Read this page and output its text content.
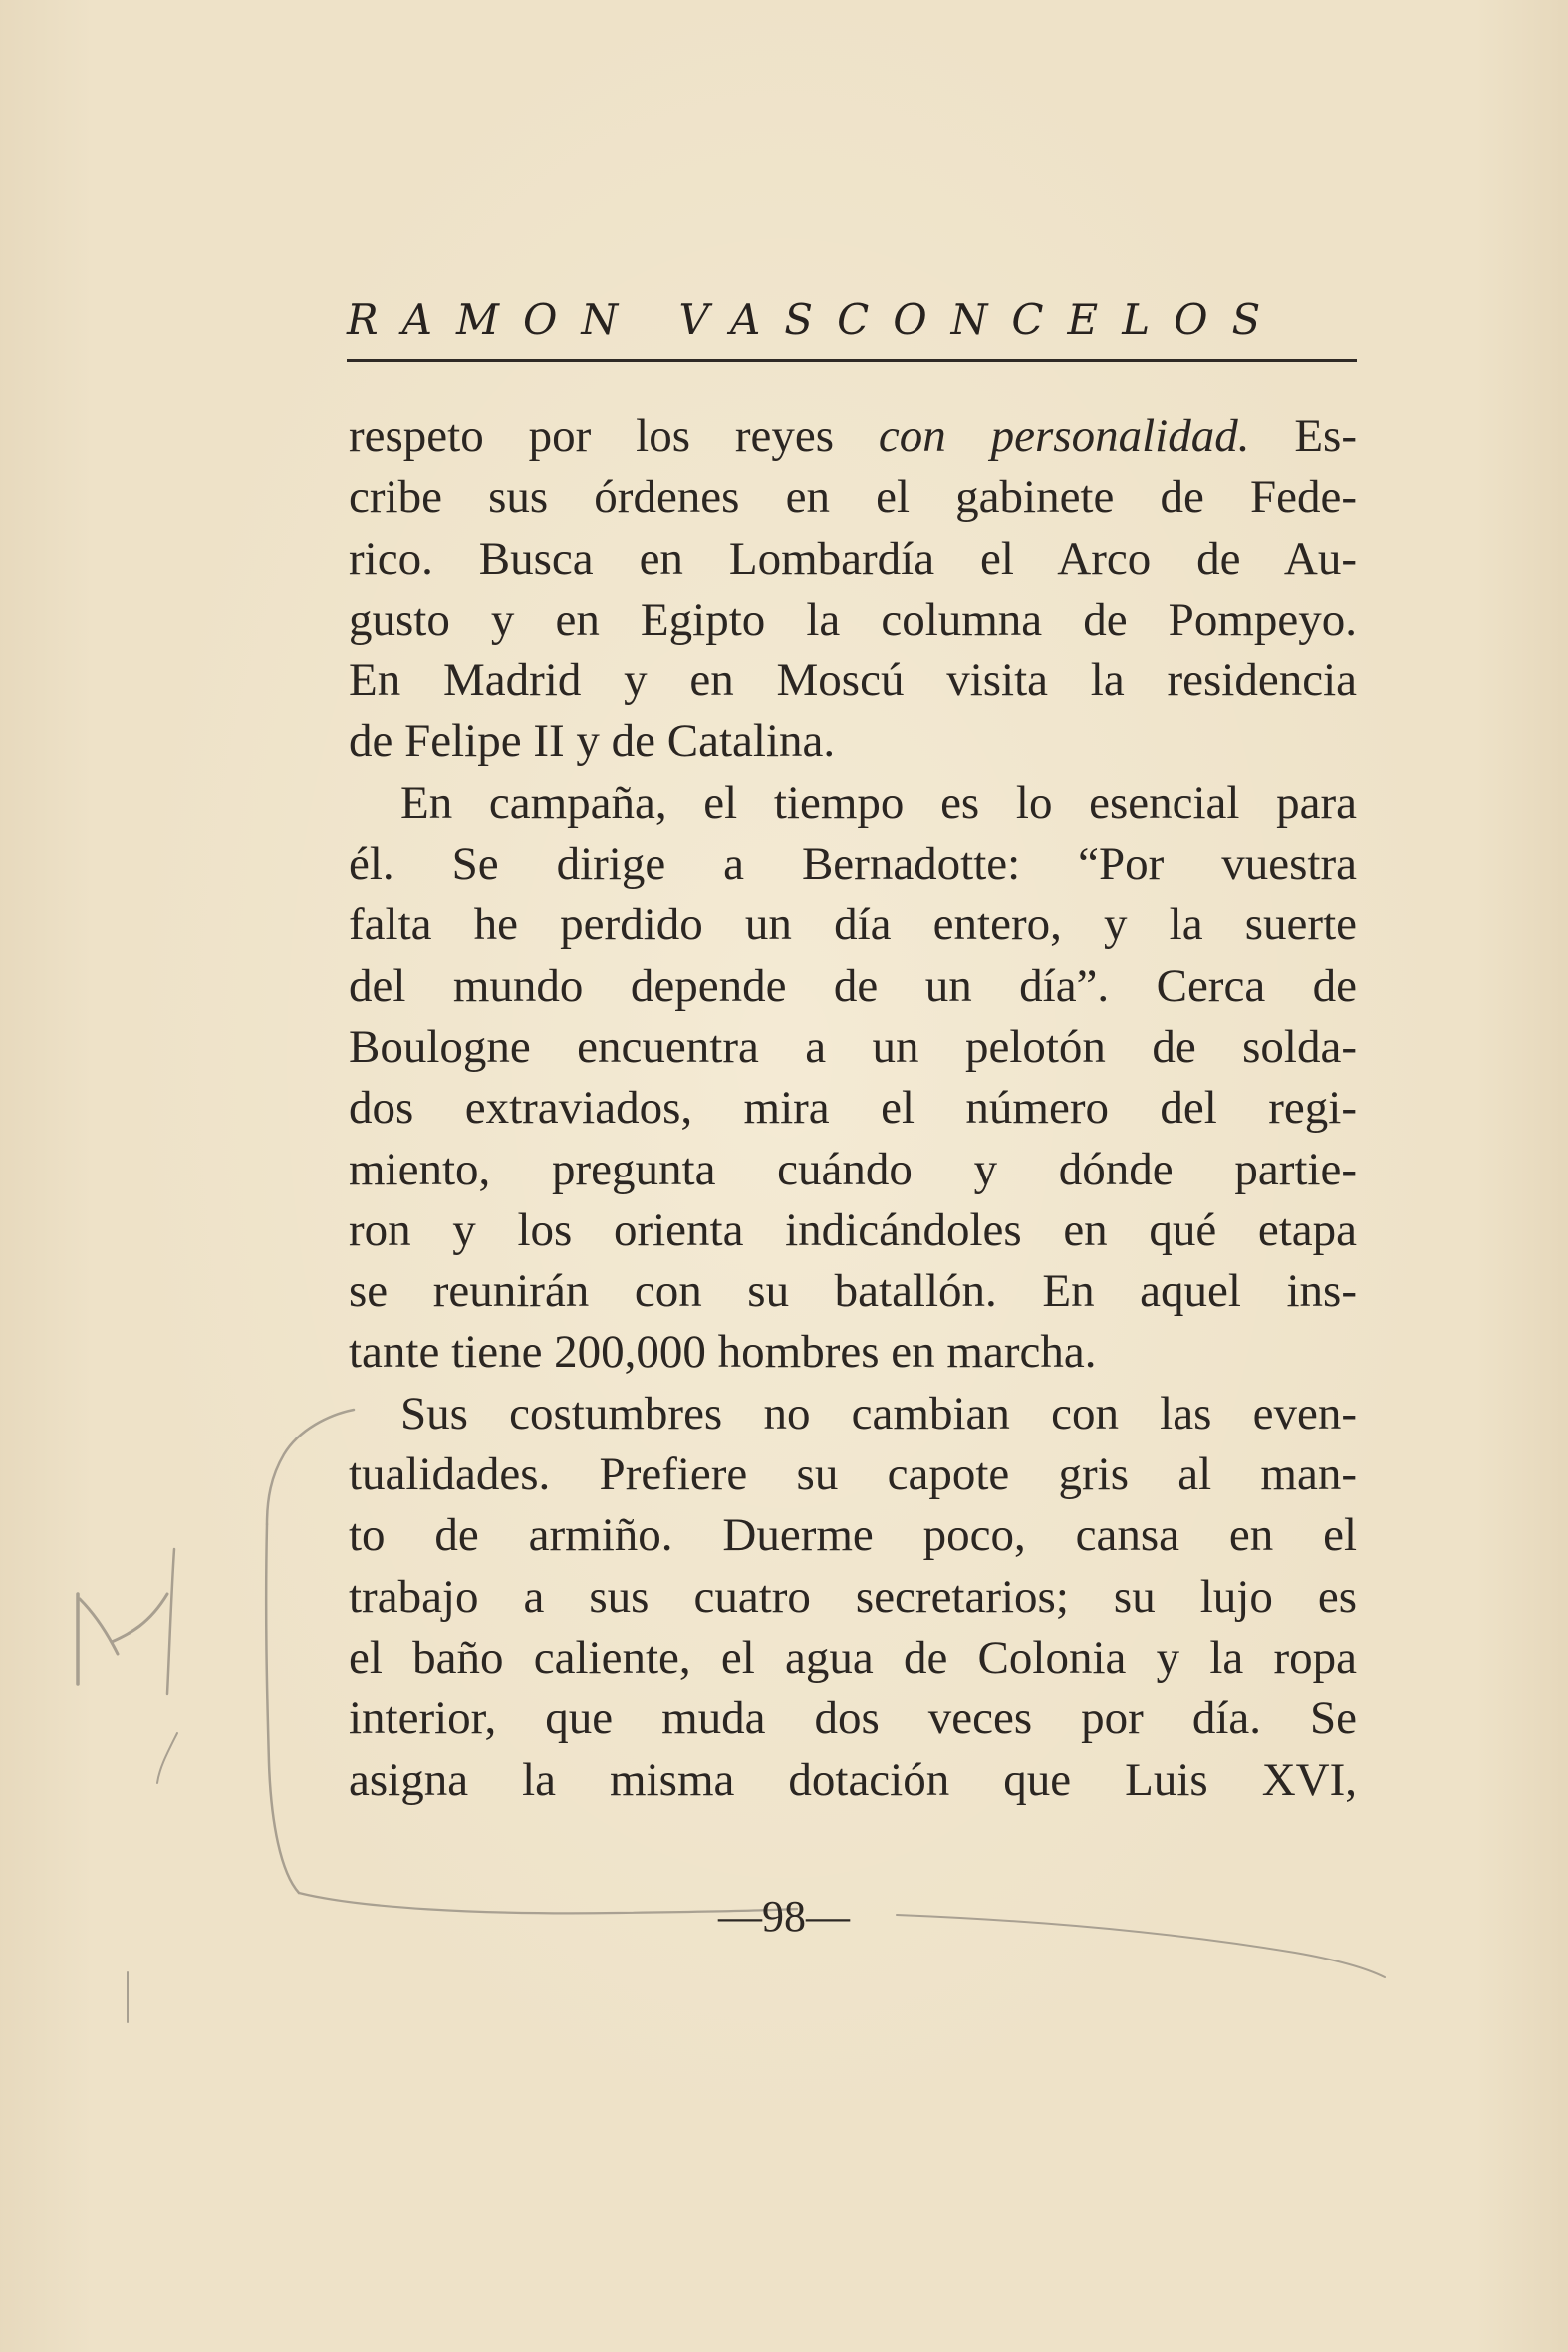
RAMON VASCONCELOS
respeto por los reyes con personalidad. Es-
cribe sus órdenes en el gabinete de Fede-
rico. Busca en Lombardía el Arco de Au-
gusto y en Egipto la columna de Pompeyo.
En Madrid y en Moscú visita la residencia
de Felipe II y de Catalina.
En campaña, el tiempo es lo esencial para
él. Se dirige a Bernadotte: “Por vuestra
falta he perdido un día entero, y la suerte
del mundo depende de un día”. Cerca de
Boulogne encuentra a un pelotón de solda-
dos extraviados, mira el número del regi-
miento, pregunta cuándo y dónde partie-
ron y los orienta indicándoles en qué etapa
se reunirán con su batallón. En aquel ins-
tante tiene 200,000 hombres en marcha.
Sus costumbres no cambian con las even-
tualidades. Prefiere su capote gris al man-
to de armiño. Duerme poco, cansa en el
trabajo a sus cuatro secretarios; su lujo es
el baño caliente, el agua de Colonia y la ropa
interior, que muda dos veces por día. Se
asigna la misma dotación que Luis XVI,
—98—
